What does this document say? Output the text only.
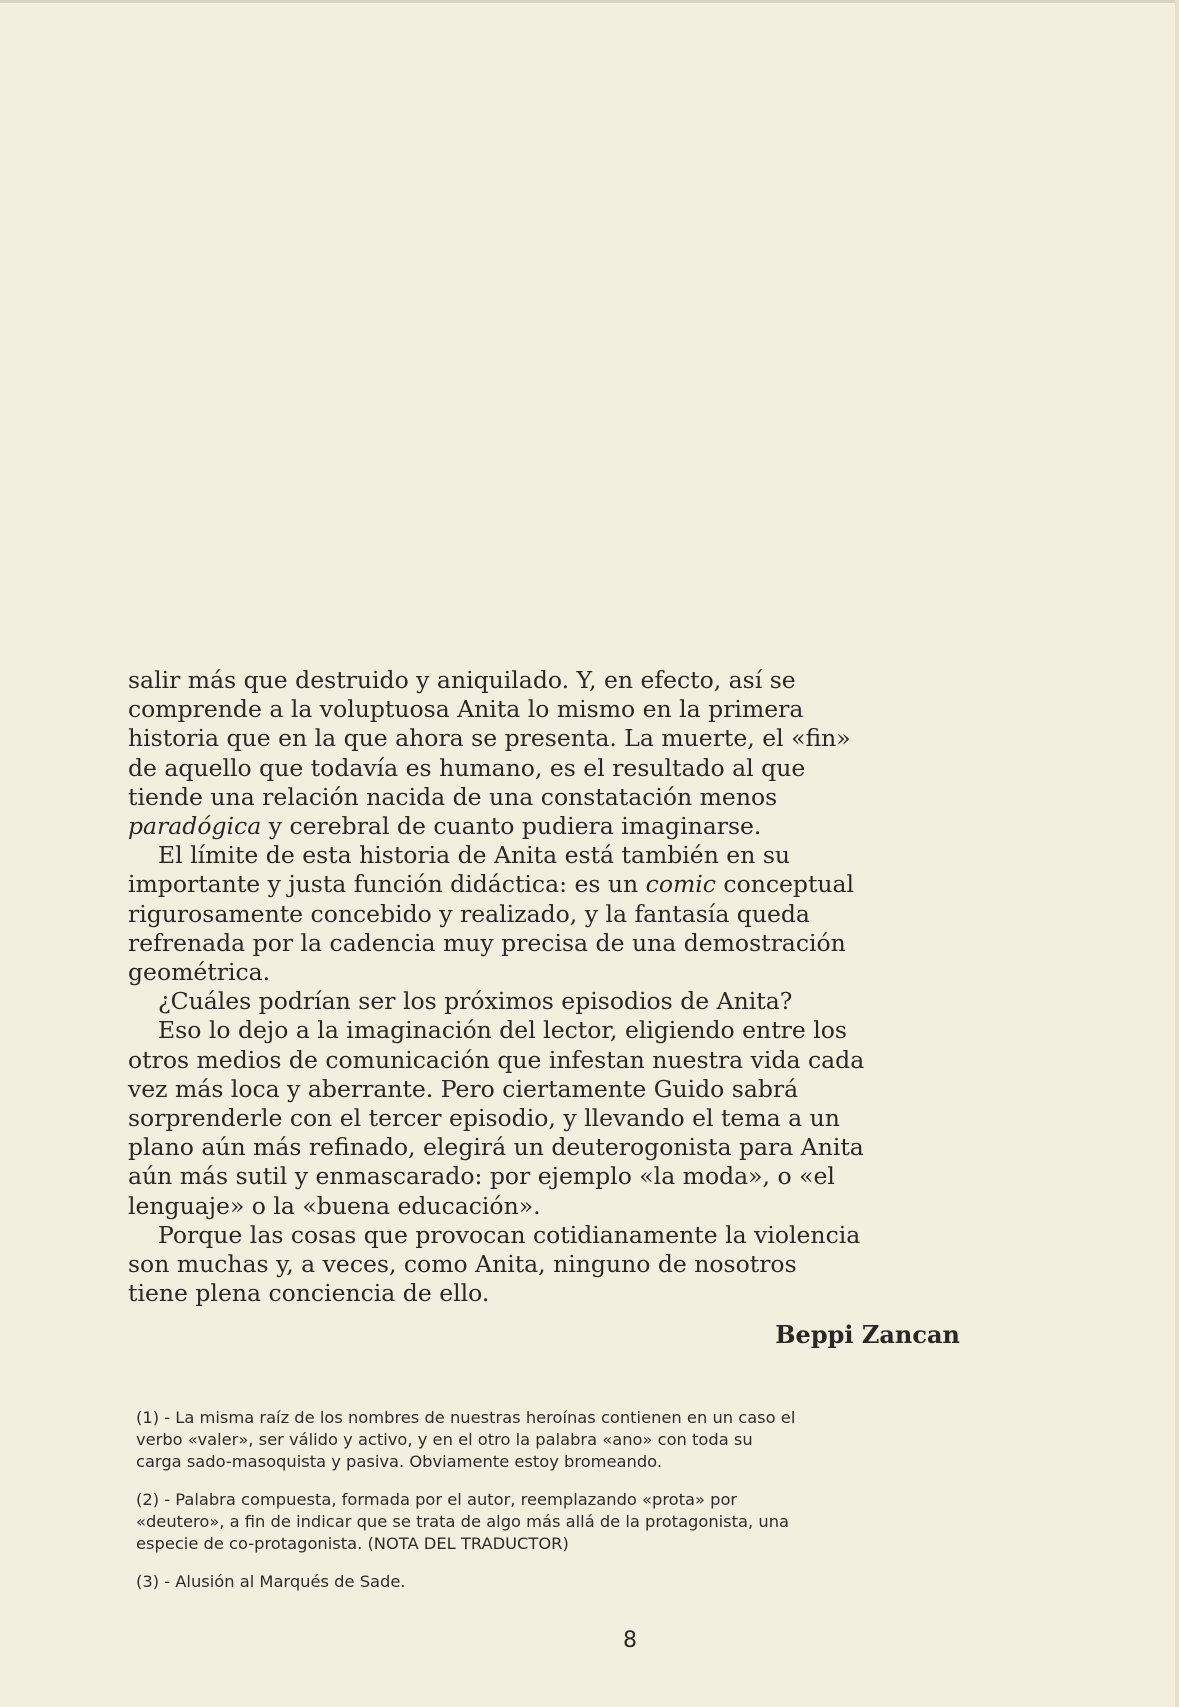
salir más que destruido y aniquilado. Y, en efecto, así se
comprende a la voluptuosa Anita lo mismo en la primera
historia que en la que ahora se presenta. La muerte, el «fin»
de aquello que todavía es humano, es el resultado al que
tiende una relación nacida de una constatación menos
paradógica y cerebral de cuanto pudiera imaginarse.

El límite de esta historia de Anita está también en su
importante y justa función didáctica: es un comic conceptual
rigurosamente concebido y realizado, y la fantasía queda
refrenada por la cadencia muy precisa de una demostración
geométrica.

¿Cuáles podrían ser los próximos episodios de Anita?

Eso lo dejo a la imaginación del lector, eligiendo entre los
otros medios de comunicación que infestan nuestra vida cada
vez más loca y aberrante. Pero ciertamente Guido sabrá
sorprenderle con el tercer episodio, y llevando el tema a un
plano aún más refinado, elegirá un deuterogonista para Anita
aún más sutil y enmascarado: por ejemplo «la moda», o «el
lenguaje» o la «buena educación».

Porque las cosas que provocan cotidianamente la violencia
son muchas y, a veces, como Anita, ninguno de nosotros
tiene plena conciencia de ello.

Beppi Zancan

(1) - La misma raíz de los nombres de nuestras heroínas contienen en un caso el
verbo «valer», ser válido y activo, y en el otro la palabra «ano» con toda su
carga sado-masoquista y pasiva. Obviamente estoy bromeando.

(2) - Palabra compuesta, formada por el autor, reemplazando «prota» por
«deutero», a fin de indicar que se trata de algo más allá de la protagonista, una
especie de co-protagonista. (NOTA DEL TRADUCTOR)

(3) - Alusión al Marqués de Sade.

8
